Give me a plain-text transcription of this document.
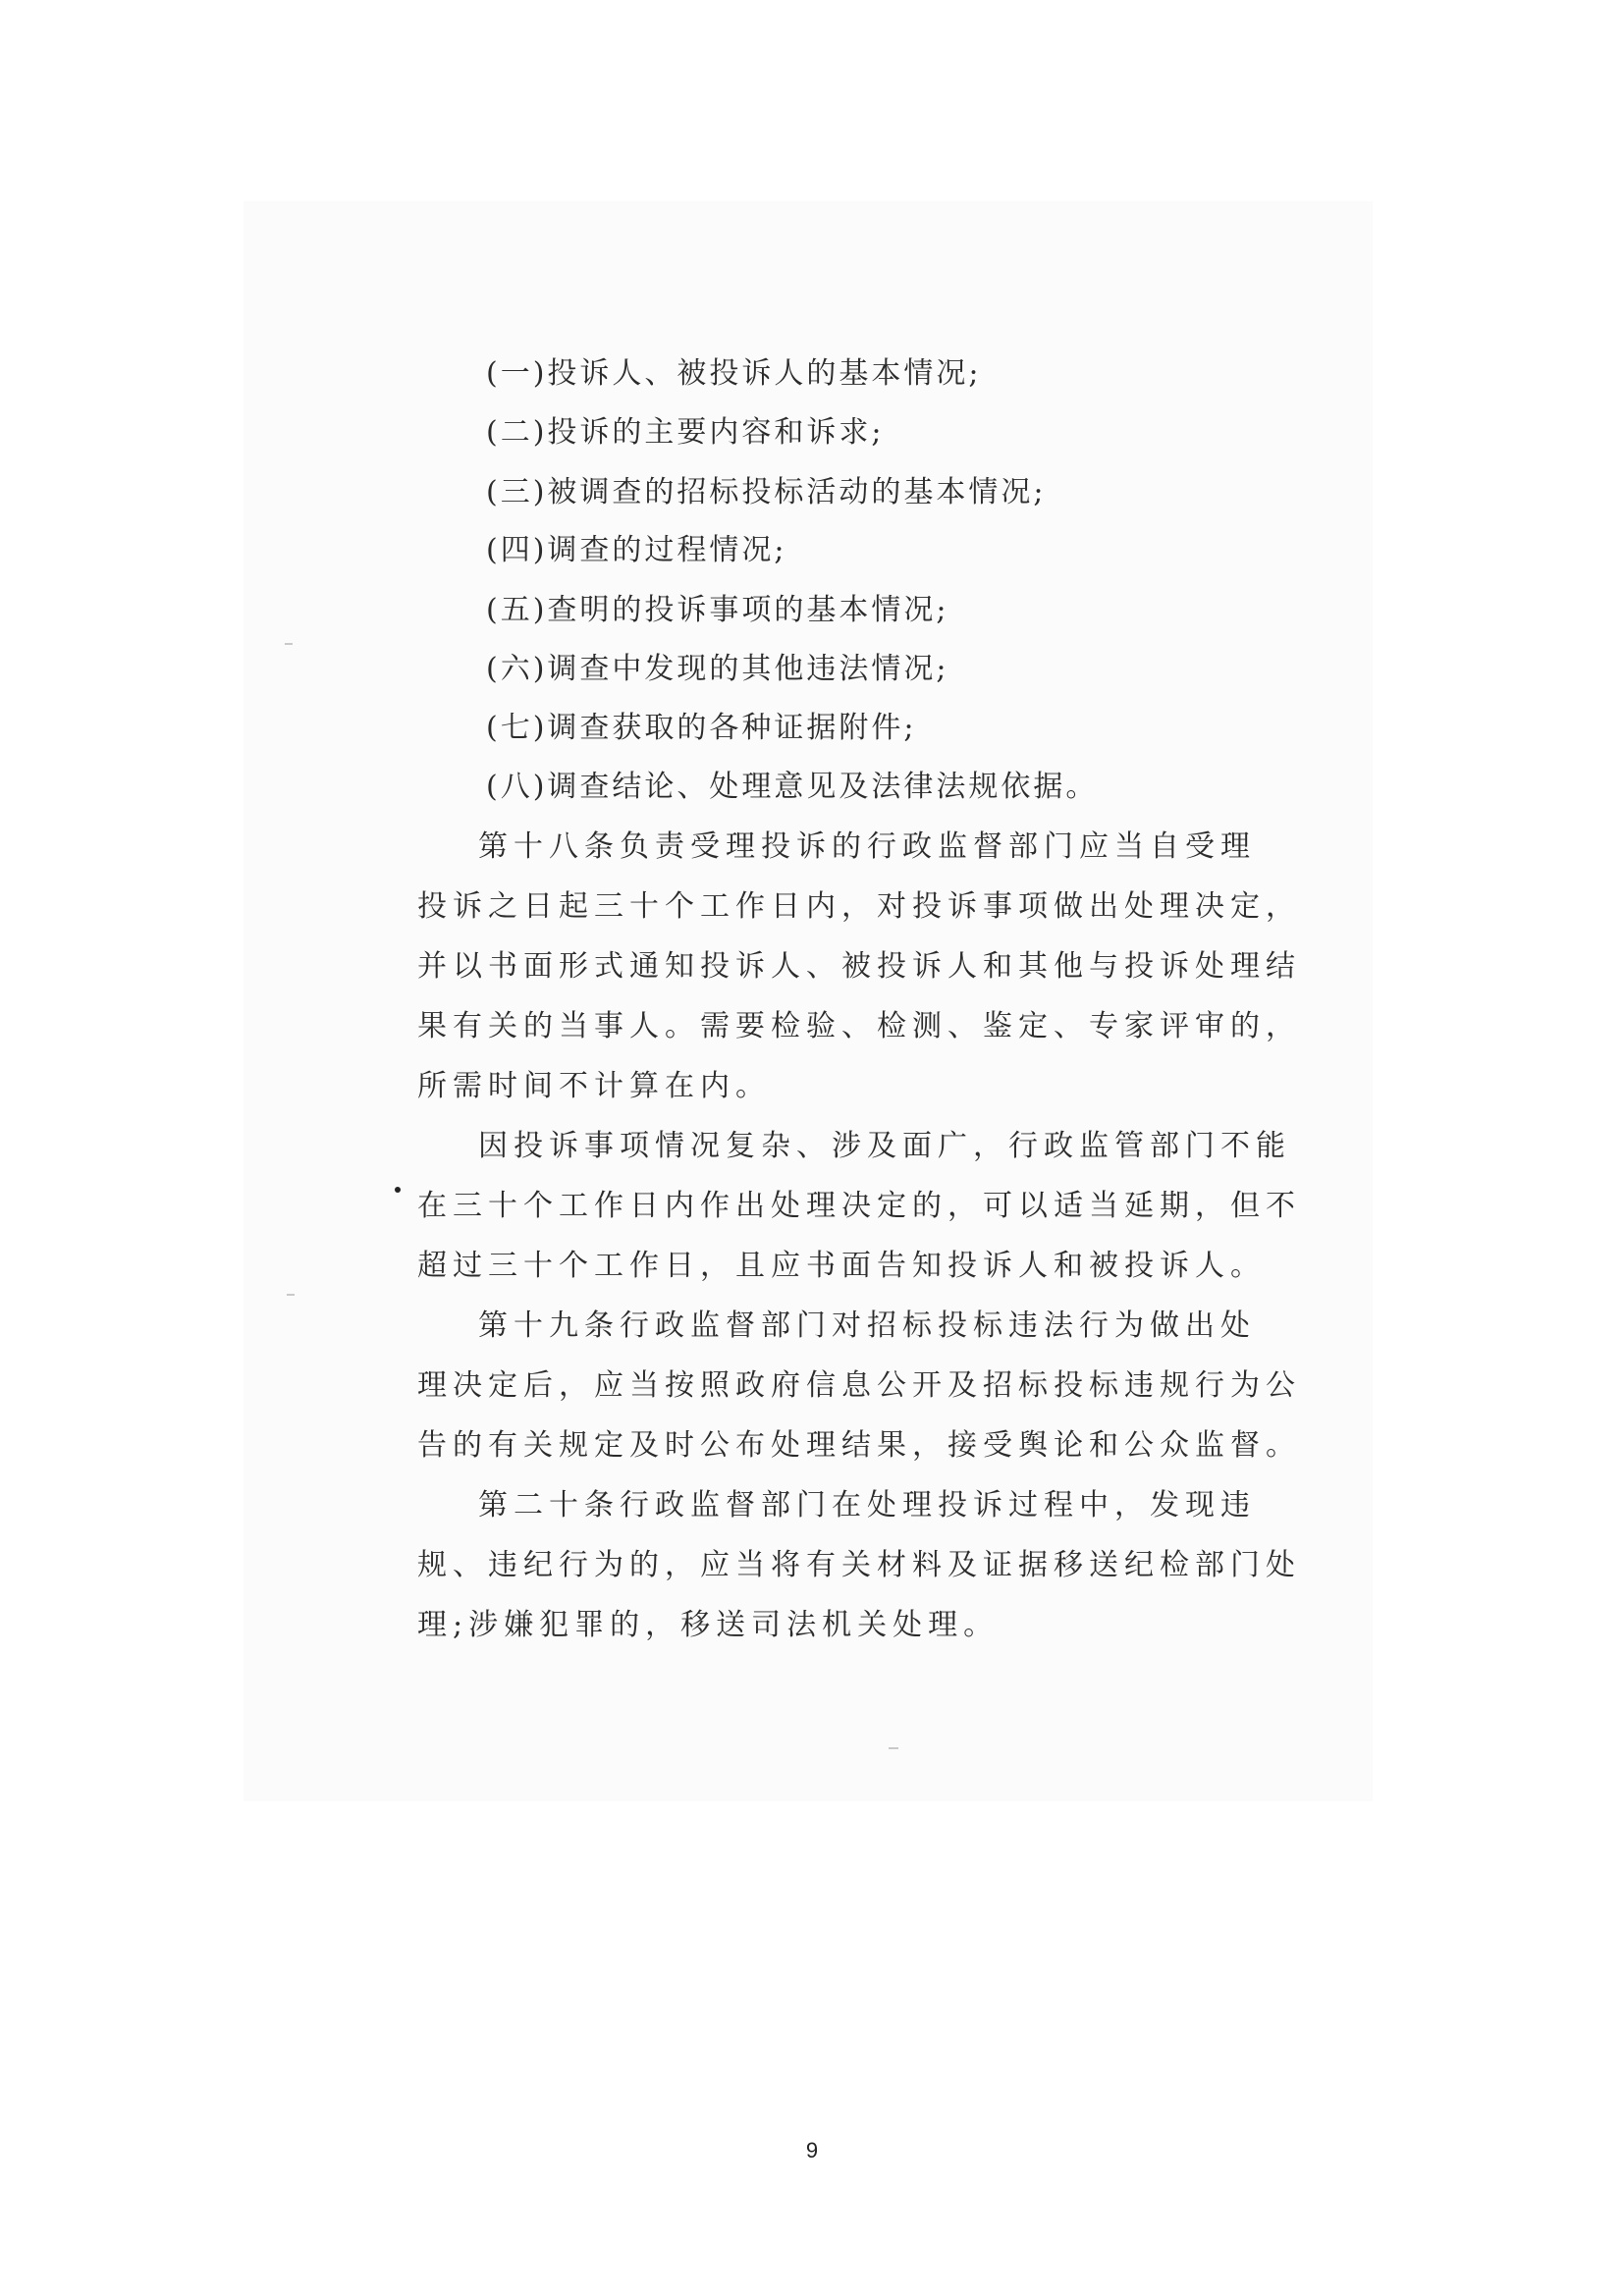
(一)投诉人、被投诉人的基本情况;
(二)投诉的主要内容和诉求;
(三)被调查的招标投标活动的基本情况;
(四)调查的过程情况;
(五)查明的投诉事项的基本情况;
(六)调查中发现的其他违法情况;
(七)调查获取的各种证据附件;
(八)调查结论、处理意见及法律法规依据。
第十八条负责受理投诉的行政监督部门应当自受理
投诉之日起三十个工作日内，对投诉事项做出处理决定，
并以书面形式通知投诉人、被投诉人和其他与投诉处理结
果有关的当事人。需要检验、检测、鉴定、专家评审的，
所需时间不计算在内。
因投诉事项情况复杂、涉及面广，行政监管部门不能
在三十个工作日内作出处理决定的，可以适当延期，但不
超过三十个工作日，且应书面告知投诉人和被投诉人。
第十九条行政监督部门对招标投标违法行为做出处
理决定后，应当按照政府信息公开及招标投标违规行为公
告的有关规定及时公布处理结果，接受舆论和公众监督。
第二十条行政监督部门在处理投诉过程中，发现违
规、违纪行为的，应当将有关材料及证据移送纪检部门处
理;涉嫌犯罪的，移送司法机关处理。
9
